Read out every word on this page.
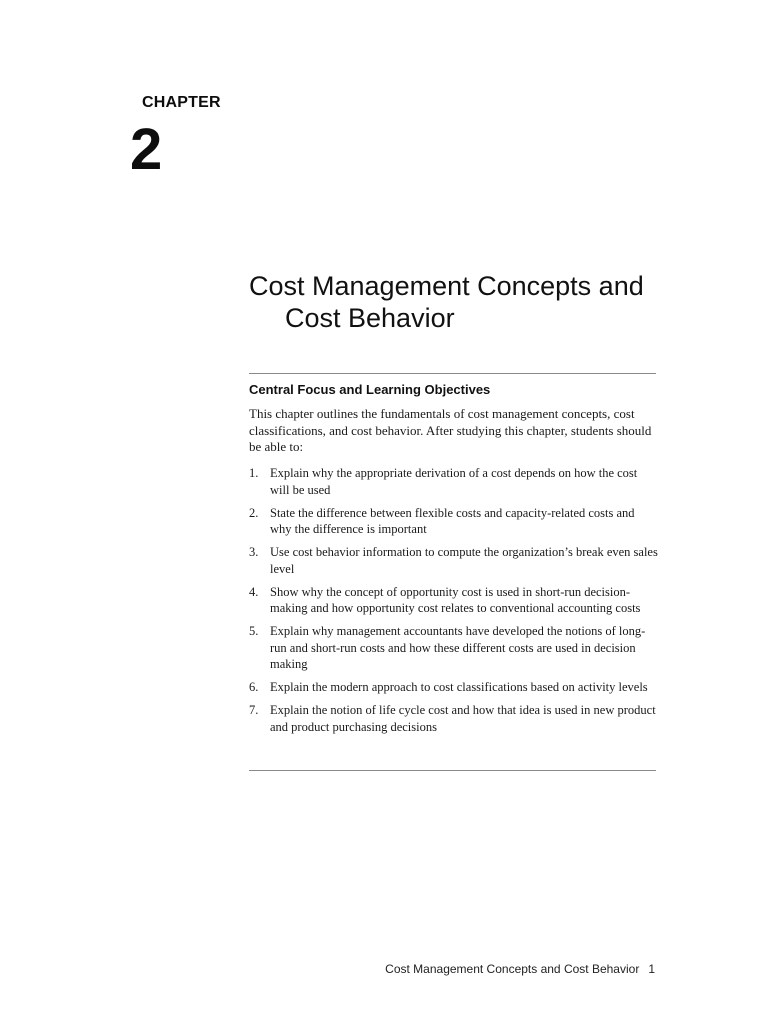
CHAPTER
2
Cost Management Concepts and
Cost Behavior
Central Focus and Learning Objectives

This chapter outlines the fundamentals of cost management concepts, cost classifications, and cost behavior. After studying this chapter, students should be able to:

1. Explain why the appropriate derivation of a cost depends on how the cost will be used
2. State the difference between flexible costs and capacity-related costs and why the difference is important
3. Use cost behavior information to compute the organization’s break even sales level
4. Show why the concept of opportunity cost is used in short-run decision-making and how opportunity cost relates to conventional accounting costs
5. Explain why management accountants have developed the notions of long-run and short-run costs and how these different costs are used in decision making
6. Explain the modern approach to cost classifications based on activity levels
7. Explain the notion of life cycle cost and how that idea is used in new product and product purchasing decisions
Cost Management Concepts and Cost Behavior 1
